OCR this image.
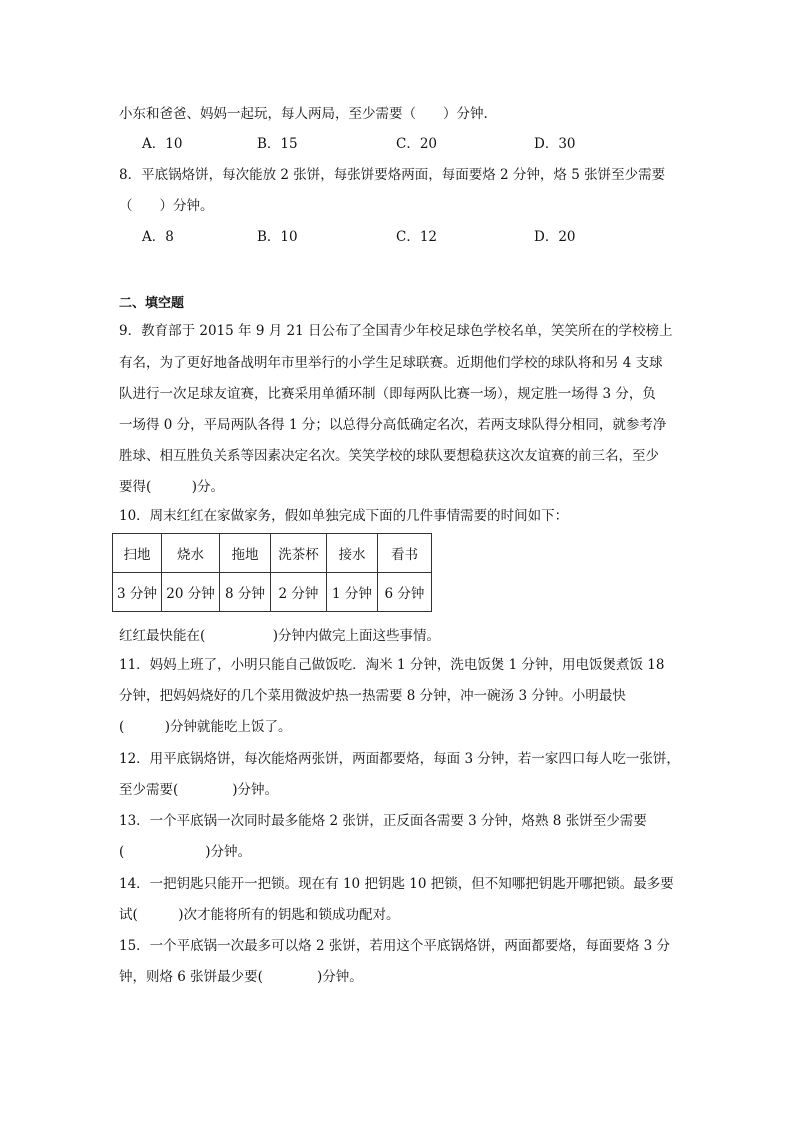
小东和爸爸、妈妈一起玩，每人两局，至少需要（　　）分钟.
A．10	B．15	C．20	D．30
8．平底锅烙饼，每次能放 2 张饼，每张饼要烙两面，每面要烙 2 分钟，烙 5 张饼至少需要
（　　）分钟。
A．8	B．10	C．12	D．20
二、填空题
9．教育部于 2015 年 9 月 21 日公布了全国青少年校足球色学校名单，笑笑所在的学校榜上
有名，为了更好地备战明年市里举行的小学生足球联赛。近期他们学校的球队将和另 4 支球
队进行一次足球友谊赛，比赛采用单循环制（即每两队比赛一场），规定胜一场得 3 分，负
一场得 0 分，平局两队各得 1 分；以总得分高低确定名次，若两支球队得分相同，就参考净
胜球、相互胜负关系等因素决定名次。笑笑学校的球队要想稳获这次友谊赛的前三名，至少
要得(　　　)分。
10．周末红红在家做家务，假如单独完成下面的几件事情需要的时间如下：
扫地	烧水	拖地	洗茶杯	接水	看书
3 分钟	20 分钟	8 分钟	2 分钟	1 分钟	6 分钟
红红最快能在(　　　　　)分钟内做完上面这些事情。
11．妈妈上班了，小明只能自己做饭吃．淘米 1 分钟，洗电饭煲 1 分钟，用电饭煲煮饭 18
分钟，把妈妈烧好的几个菜用微波炉热一热需要 8 分钟，冲一碗汤 3 分钟。小明最快
(　　　)分钟就能吃上饭了。
12．用平底锅烙饼，每次能烙两张饼，两面都要烙，每面 3 分钟，若一家四口每人吃一张饼，
至少需要(　　　　)分钟。
13．一个平底锅一次同时最多能烙 2 张饼，正反面各需要 3 分钟，烙熟 8 张饼至少需要
(　　　　　　)分钟。
14．一把钥匙只能开一把锁。现在有 10 把钥匙 10 把锁，但不知哪把钥匙开哪把锁。最多要
试(　　　)次才能将所有的钥匙和锁成功配对。
15．一个平底锅一次最多可以烙 2 张饼，若用这个平底锅烙饼，两面都要烙，每面要烙 3 分
钟，则烙 6 张饼最少要(　　　　)分钟。
